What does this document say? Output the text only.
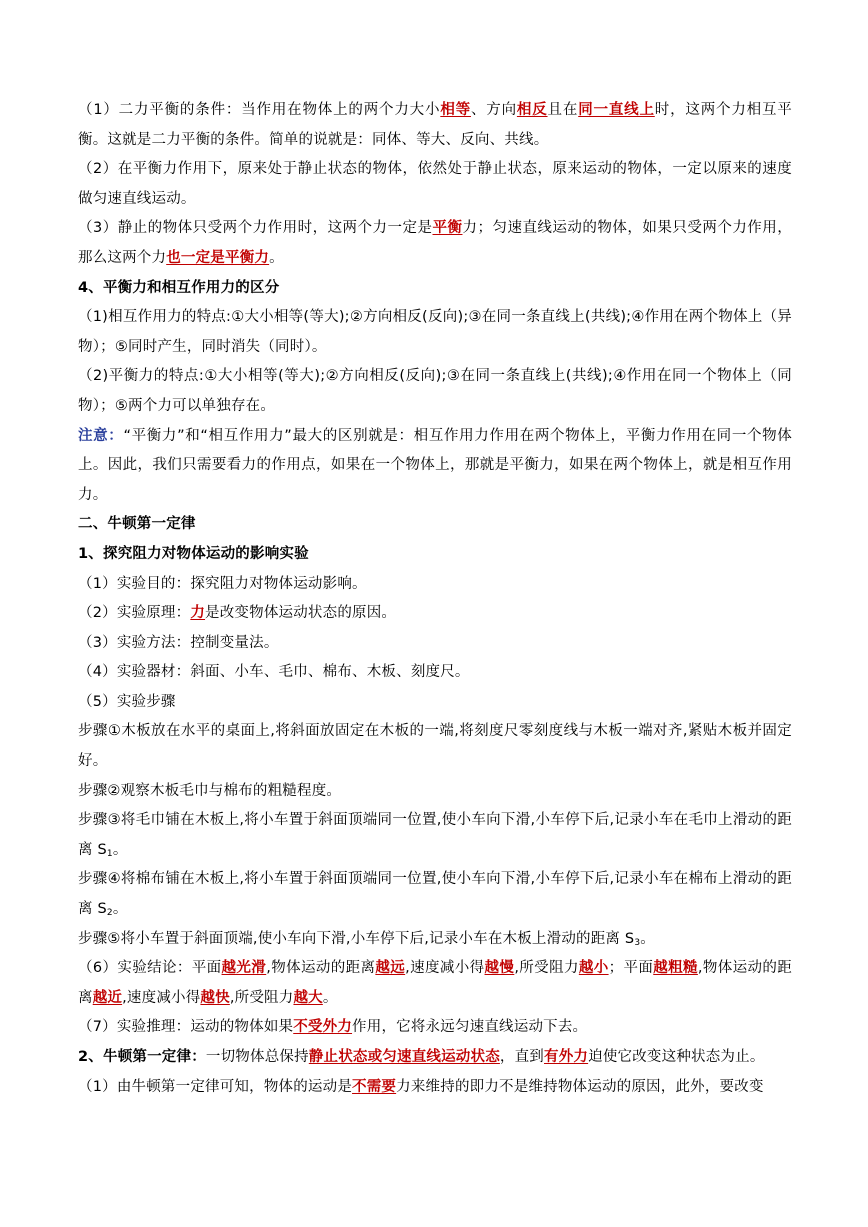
（1）二力平衡的条件：当作用在物体上的两个力大小相等、方向相反且在同一直线上时，这两个力相互平衡。这就是二力平衡的条件。简单的说就是：同体、等大、反向、共线。

（2）在平衡力作用下，原来处于静止状态的物体，依然处于静止状态，原来运动的物体，一定以原来的速度做匀速直线运动。

（3）静止的物体只受两个力作用时，这两个力一定是平衡力；匀速直线运动的物体，如果只受两个力作用，那么这两个力也一定是平衡力。

4、平衡力和相互作用力的区分

（1)相互作用力的特点:①大小相等(等大);②方向相反(反向);③在同一条直线上(共线);④作用在两个物体上（异物）；⑤同时产生，同时消失（同时）。

（2)平衡力的特点:①大小相等(等大);②方向相反(反向);③在同一条直线上(共线);④作用在同一个物体上（同物）；⑤两个力可以单独存在。

注意：“平衡力”和“相互作用力”最大的区别就是：相互作用力作用在两个物体上，平衡力作用在同一个物体上。因此，我们只需要看力的作用点，如果在一个物体上，那就是平衡力，如果在两个物体上，就是相互作用力。

二、牛顿第一定律

1、探究阻力对物体运动的影响实验

（1）实验目的：探究阻力对物体运动影响。

（2）实验原理：力是改变物体运动状态的原因。

（3）实验方法：控制变量法。

（4）实验器材：斜面、小车、毛巾、棉布、木板、刻度尺。

（5）实验步骤

步骤①木板放在水平的桌面上,将斜面放固定在木板的一端,将刻度尺零刻度线与木板一端对齐,紧贴木板并固定好。

步骤②观察木板毛巾与棉布的粗糙程度。

步骤③将毛巾铺在木板上,将小车置于斜面顶端同一位置,使小车向下滑,小车停下后,记录小车在毛巾上滑动的距离 $S_1$。

步骤④将棉布铺在木板上,将小车置于斜面顶端同一位置,使小车向下滑,小车停下后,记录小车在棉布上滑动的距离 $S_2$。

步骤⑤将小车置于斜面顶端,使小车向下滑,小车停下后,记录小车在木板上滑动的距离 $S_3$。

（6）实验结论：平面越光滑,物体运动的距离越远,速度减小得越慢,所受阻力越小；平面越粗糙,物体运动的距离越近,速度减小得越快,所受阻力越大。

（7）实验推理：运动的物体如果不受外力作用，它将永远匀速直线运动下去。

2、牛顿第一定律：一切物体总保持静止状态或匀速直线运动状态，直到有外力迫使它改变这种状态为止。

（1）由牛顿第一定律可知，物体的运动是不需要力来维持的即力不是维持物体运动的原因，此外，要改变
